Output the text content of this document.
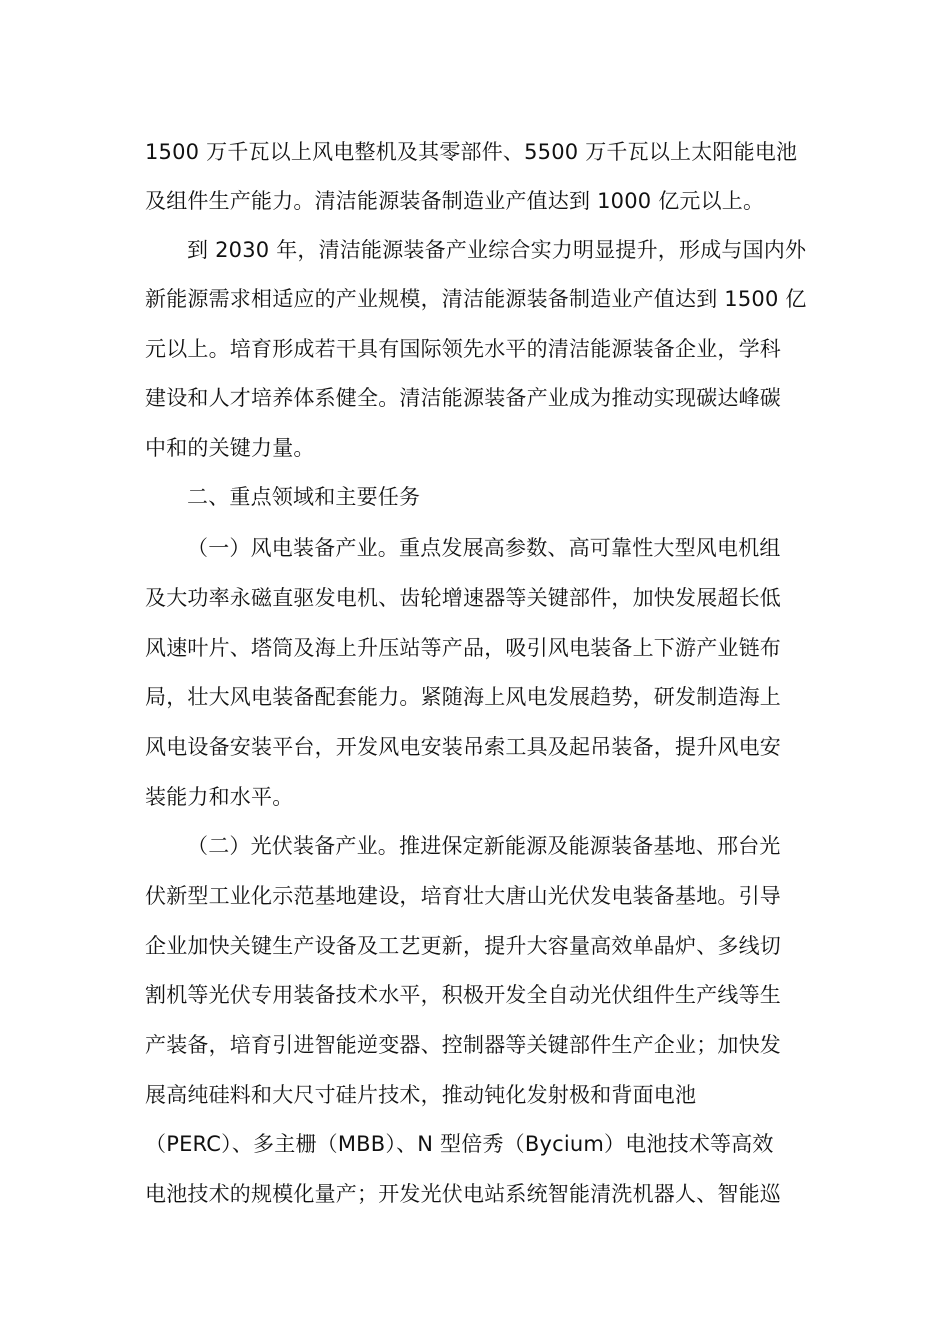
1500 万千瓦以上风电整机及其零部件、5500 万千瓦以上太阳能电池
及组件生产能力。清洁能源装备制造业产值达到 1000 亿元以上。
到 2030 年，清洁能源装备产业综合实力明显提升，形成与国内外
新能源需求相适应的产业规模，清洁能源装备制造业产值达到 1500 亿
元以上。培育形成若干具有国际领先水平的清洁能源装备企业，学科
建设和人才培养体系健全。清洁能源装备产业成为推动实现碳达峰碳
中和的关键力量。
二、重点领域和主要任务
（一）风电装备产业。重点发展高参数、高可靠性大型风电机组
及大功率永磁直驱发电机、齿轮增速器等关键部件，加快发展超长低
风速叶片、塔筒及海上升压站等产品，吸引风电装备上下游产业链布
局，壮大风电装备配套能力。紧随海上风电发展趋势，研发制造海上
风电设备安装平台，开发风电安装吊索工具及起吊装备，提升风电安
装能力和水平。
（二）光伏装备产业。推进保定新能源及能源装备基地、邢台光
伏新型工业化示范基地建设，培育壮大唐山光伏发电装备基地。引导
企业加快关键生产设备及工艺更新，提升大容量高效单晶炉、多线切
割机等光伏专用装备技术水平，积极开发全自动光伏组件生产线等生
产装备，培育引进智能逆变器、控制器等关键部件生产企业；加快发
展高纯硅料和大尺寸硅片技术，推动钝化发射极和背面电池
（PERC）、多主栅（MBB）、N 型倍秀（Bycium）电池技术等高效
电池技术的规模化量产；开发光伏电站系统智能清洗机器人、智能巡
